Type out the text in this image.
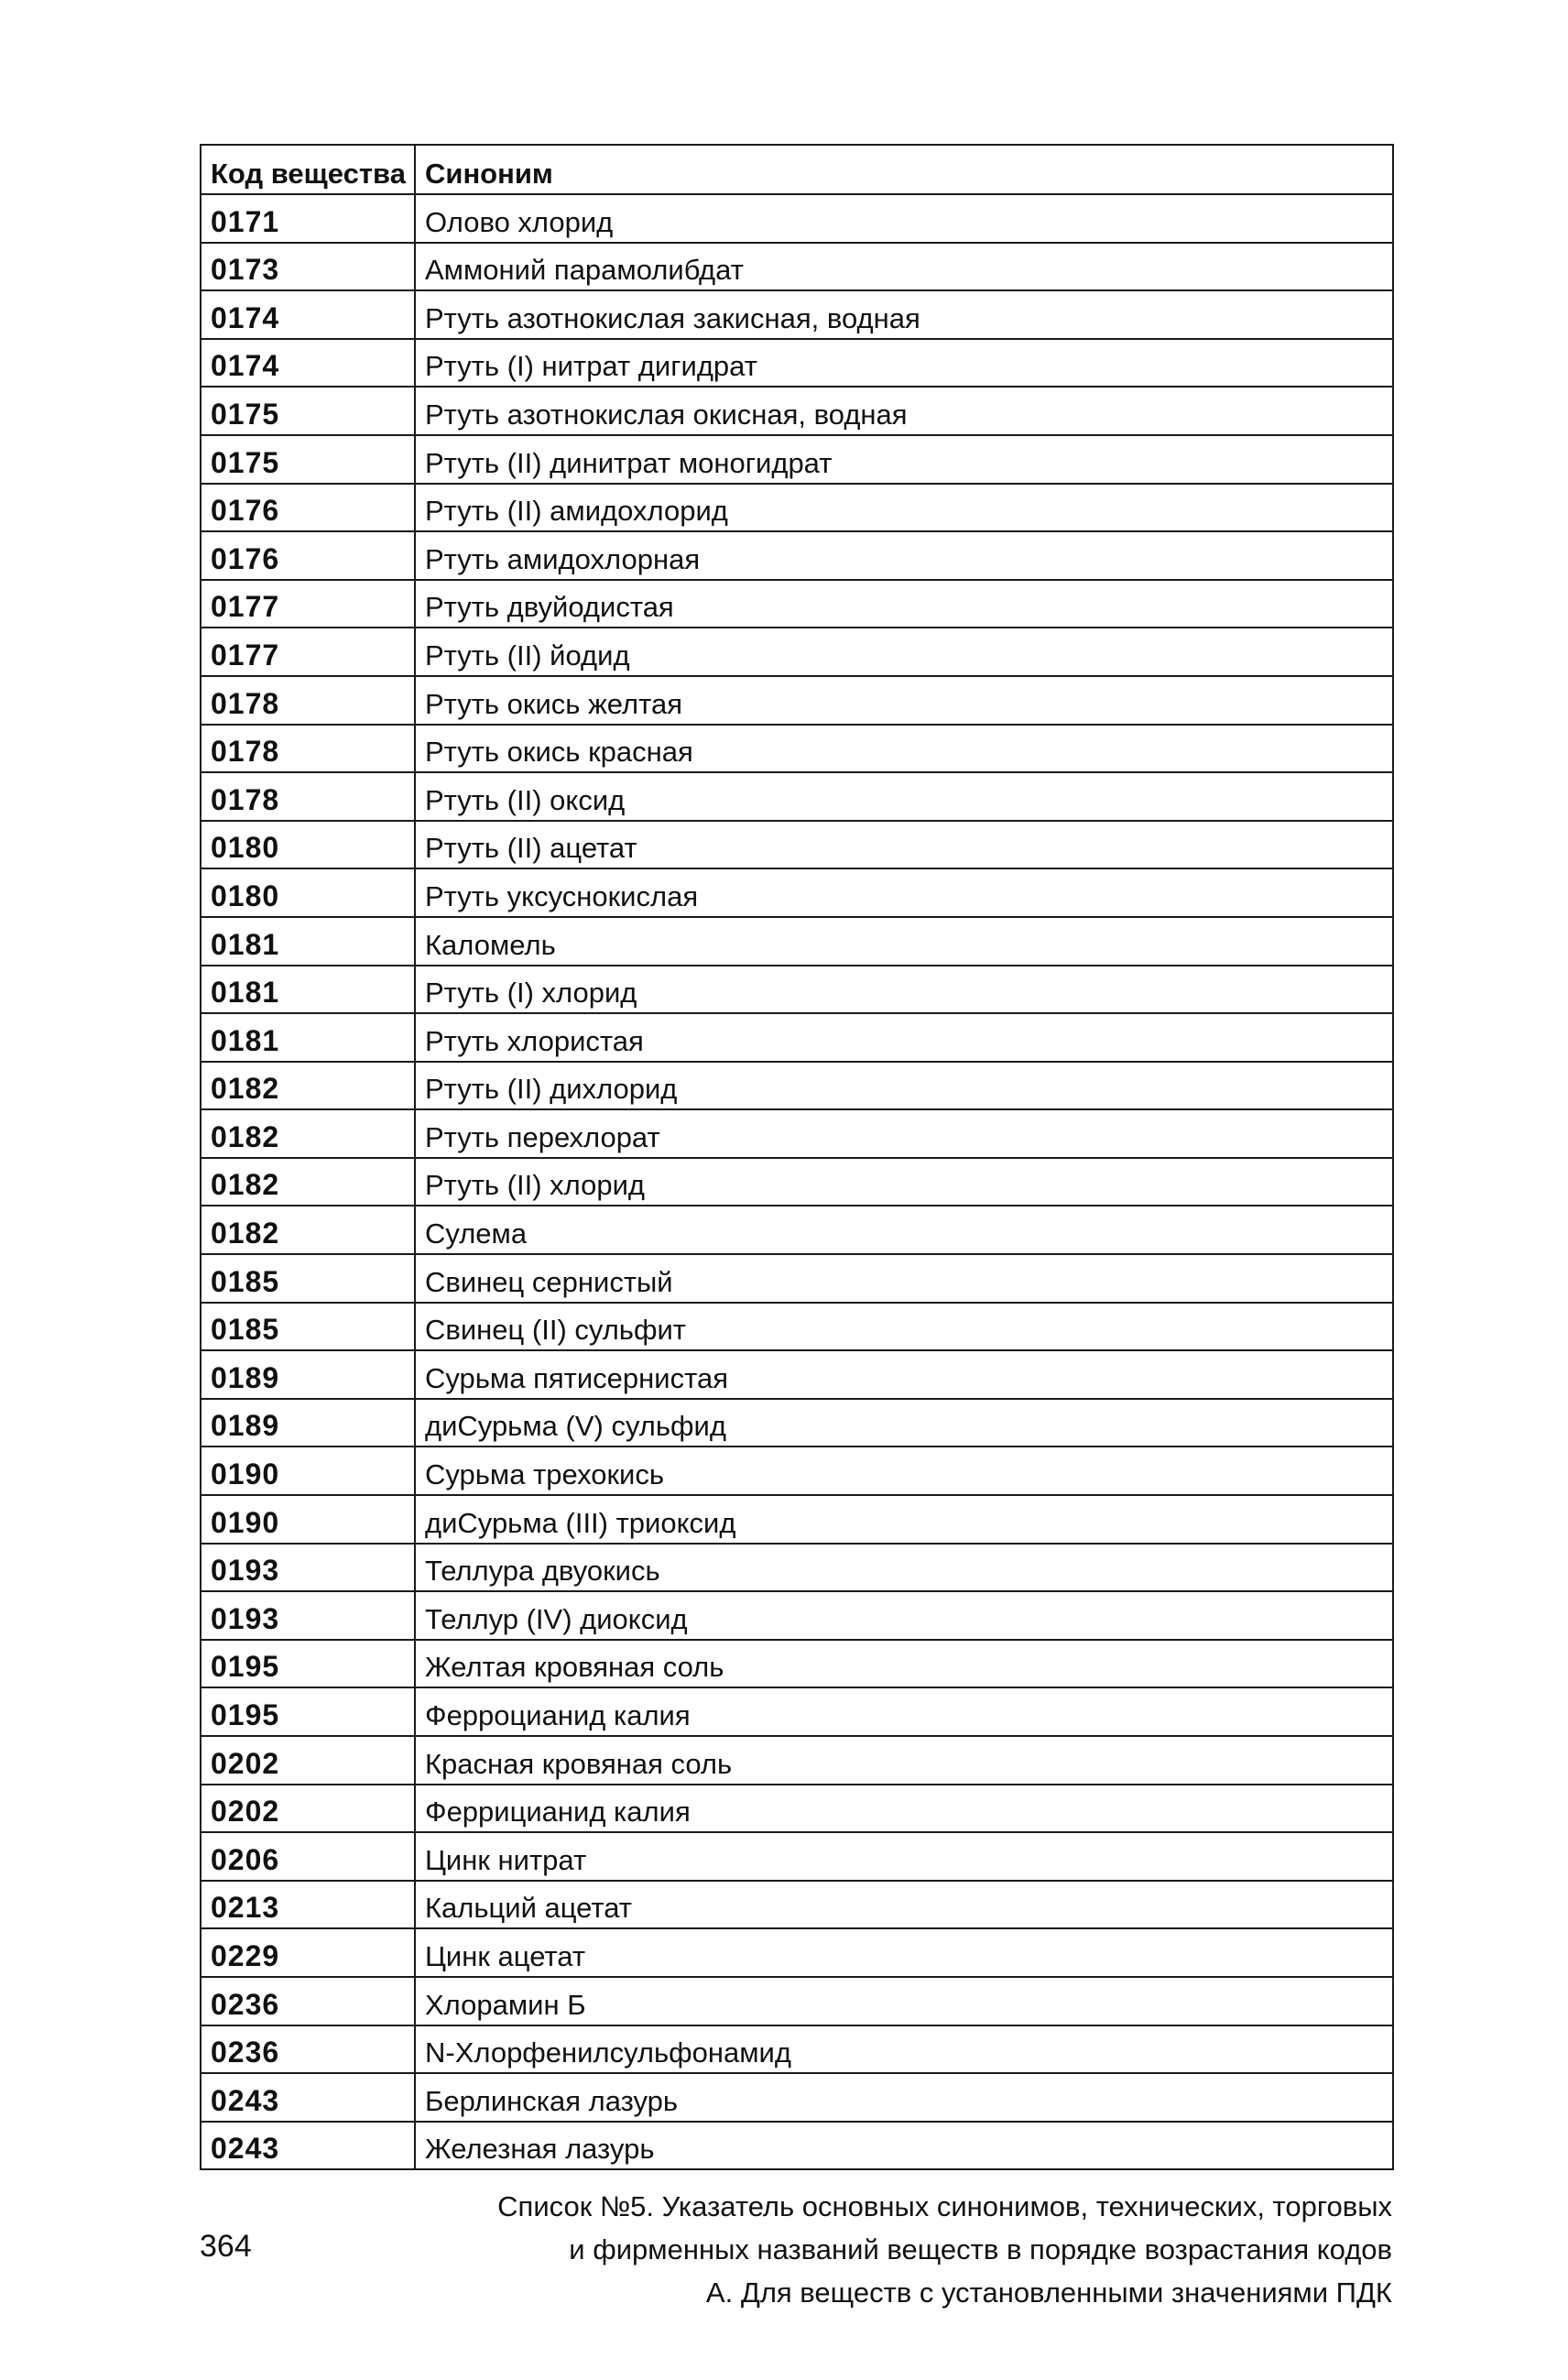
Код вещества	Синоним
0171	Олово хлорид
0173	Аммоний парамолибдат
0174	Ртуть азотнокислая закисная, водная
0174	Ртуть (I) нитрат дигидрат
0175	Ртуть азотнокислая окисная, водная
0175	Ртуть (II) динитрат моногидрат
0176	Ртуть (II) амидохлорид
0176	Ртуть амидохлорная
0177	Ртуть двуйодистая
0177	Ртуть (II) йодид
0178	Ртуть окись желтая
0178	Ртуть окись красная
0178	Ртуть (II) оксид
0180	Ртуть (II) ацетат
0180	Ртуть уксуснокислая
0181	Каломель
0181	Ртуть (I) хлорид
0181	Ртуть хлористая
0182	Ртуть (II) дихлорид
0182	Ртуть перехлорат
0182	Ртуть (II) хлорид
0182	Сулема
0185	Свинец сернистый
0185	Свинец (II) сульфит
0189	Сурьма пятисернистая
0189	диСурьма (V) сульфид
0190	Сурьма трехокись
0190	диСурьма (III) триоксид
0193	Теллура двуокись
0193	Теллур (IV) диоксид
0195	Желтая кровяная соль
0195	Ферроцианид калия
0202	Красная кровяная соль
0202	Феррицианид калия
0206	Цинк нитрат
0213	Кальций ацетат
0229	Цинк ацетат
0236	Хлорамин Б
0236	N-Хлорфенилсульфонамид
0243	Берлинская лазурь
0243	Железная лазурь
364
Список №5. Указатель основных синонимов, технических, торговых
и фирменных названий веществ в порядке возрастания кодов
А. Для веществ с установленными значениями ПДК
